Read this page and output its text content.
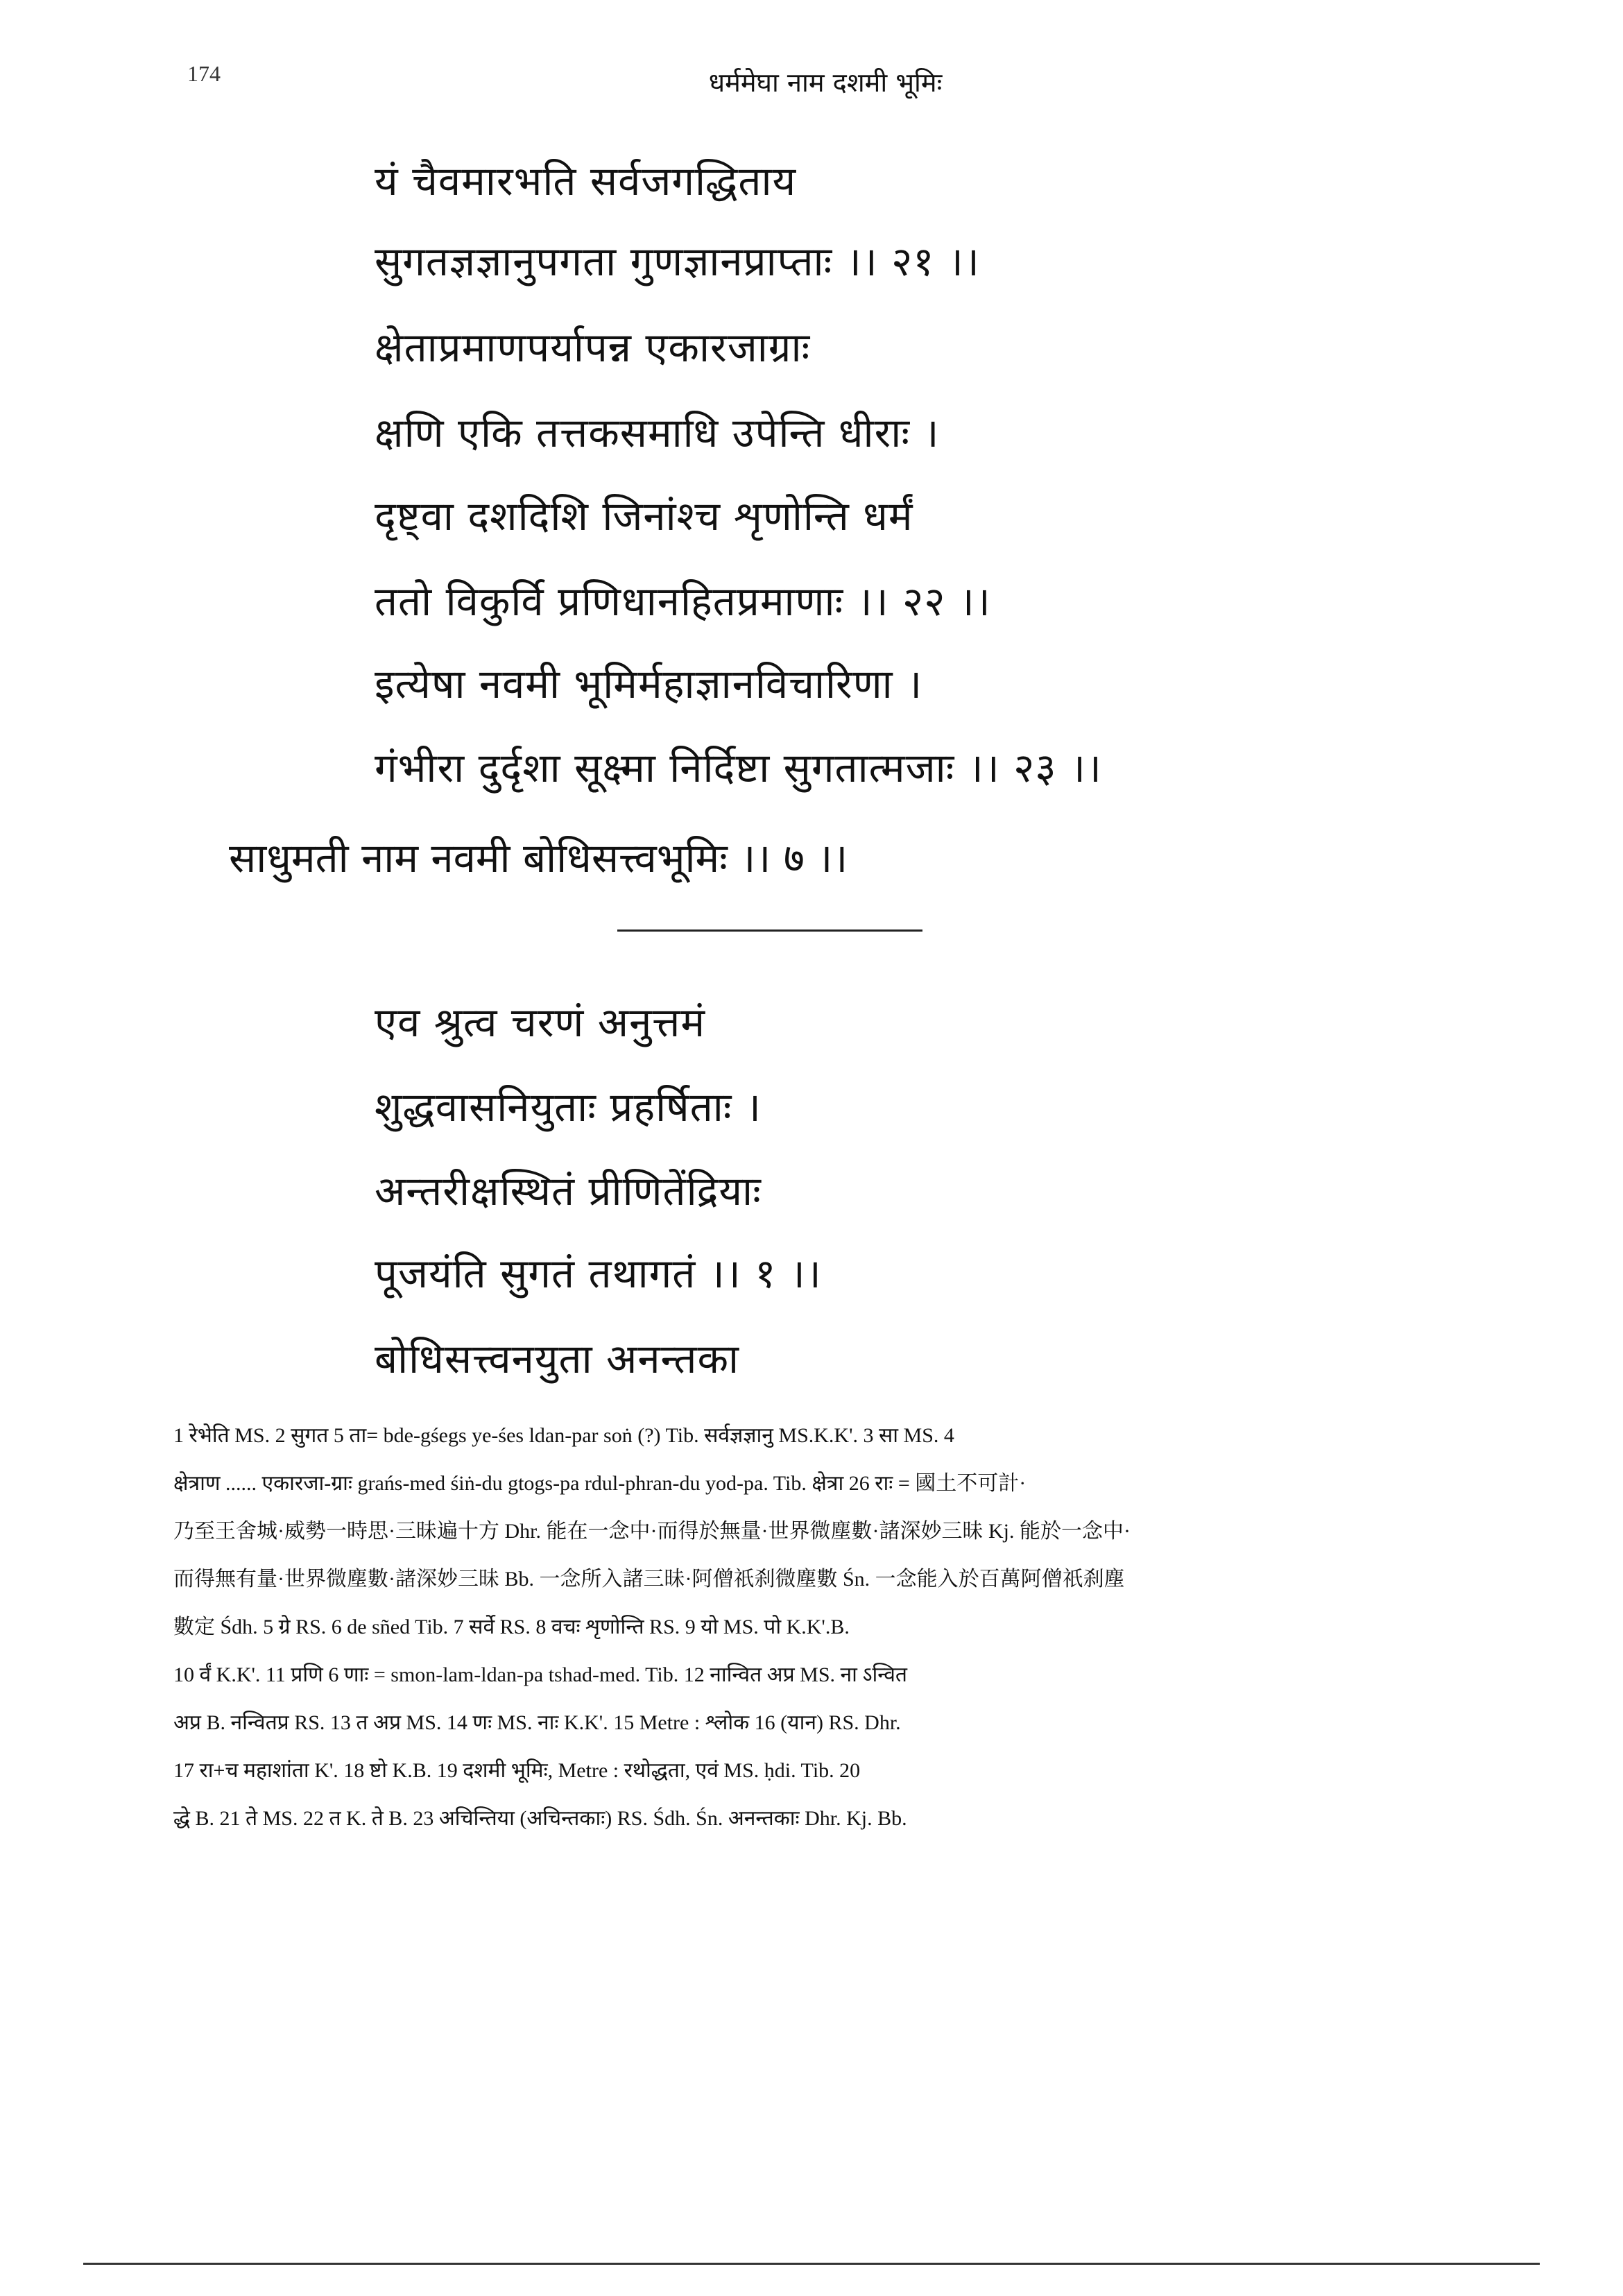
174	धर्ममेघा नाम दशमी भूमिः
यं चैवमारभति सर्वजगद्धिताय
सुगतज्ञज्ञानुपगता गुणज्ञानप्राप्ताः ।। २१ ।।
क्षेताप्रमाणपर्यापन्न एकारजाग्राः
क्षणि एकि तत्तकसमाधि उपेन्ति धीराः ।
दृष्ट्वा दशदिशि जिनांश्च शृणोन्ति धर्मं
ततो विकुर्वि प्रणिधानहितप्रमाणाः ।। २२ ।।
इत्येषा नवमी भूमिर्महाज्ञानविचारिणा ।
गंभीरा दुर्दृशा सूक्ष्मा निर्दिष्टा सुगतात्मजाः ।। २३ ।।
साधुमती नाम नवमी बोधिसत्त्वभूमिः ।। ७ ।।
एव श्रुत्व चरणं अनुत्तमं
शुद्धवासनियुताः प्रहर्षिताः ।
अन्तरीक्षस्थितं प्रीणितेंद्रियाः
पूजयंति सुगतं तथागतं ।। १ ।।
बोधिसत्त्वनयुता अनन्तका
1 रेभेति MS. 2 सुगत 5 ता= bde-gśegs ye-śes ldan-par soṅ (?) Tib. सर्वज्ञज्ञानु MS.K.K'. 3 सा MS. 4
क्षेत्राण ...... एकारजा-ग्राः grańs-med śiṅ-du gtogs-pa rdul-phran-du yod-pa. Tib. क्षेत्रा 26 राः = 國土不可計·
乃至王舍城·威勢一時思·三昧遍十方 Dhr. 能在一念中·而得於無量·世界微塵數·諸深妙三昧 Kj. 能於一念中·
而得無有量·世界微塵數·諸深妙三昧 Bb. 一念所入諸三昧·阿僧祇刹微塵數 Śn. 一念能入於百萬阿僧祇刹塵
數定 Śdh. 5 ग्रे RS. 6 de sñed Tib. 7 सर्वे RS. 8 वचः शृणोन्ति RS. 9 यो MS. पो K.K'.B.
10 र्वं K.K'. 11 प्रणि 6 णाः = smon-lam-ldan-pa tshad-med. Tib. 12 नान्वित अप्र MS. ना ऽन्वित
अप्र B. नन्वितप्र RS. 13 त अप्र MS. 14 णः MS. नाः K.K'. 15 Metre : श्लोक 16 (यान) RS. Dhr.
17 रा+च महाशांता K'. 18 ष्टो K.B. 19 दशमी भूमिः, Metre : रथोद्धता, एवं MS. ḥdi. Tib. 20
द्धे B. 21 ते MS. 22 त K. ते B. 23 अचिन्तिया (अचिन्तकाः) RS. Śdh. Śn. अनन्तकाः Dhr. Kj. Bb.
